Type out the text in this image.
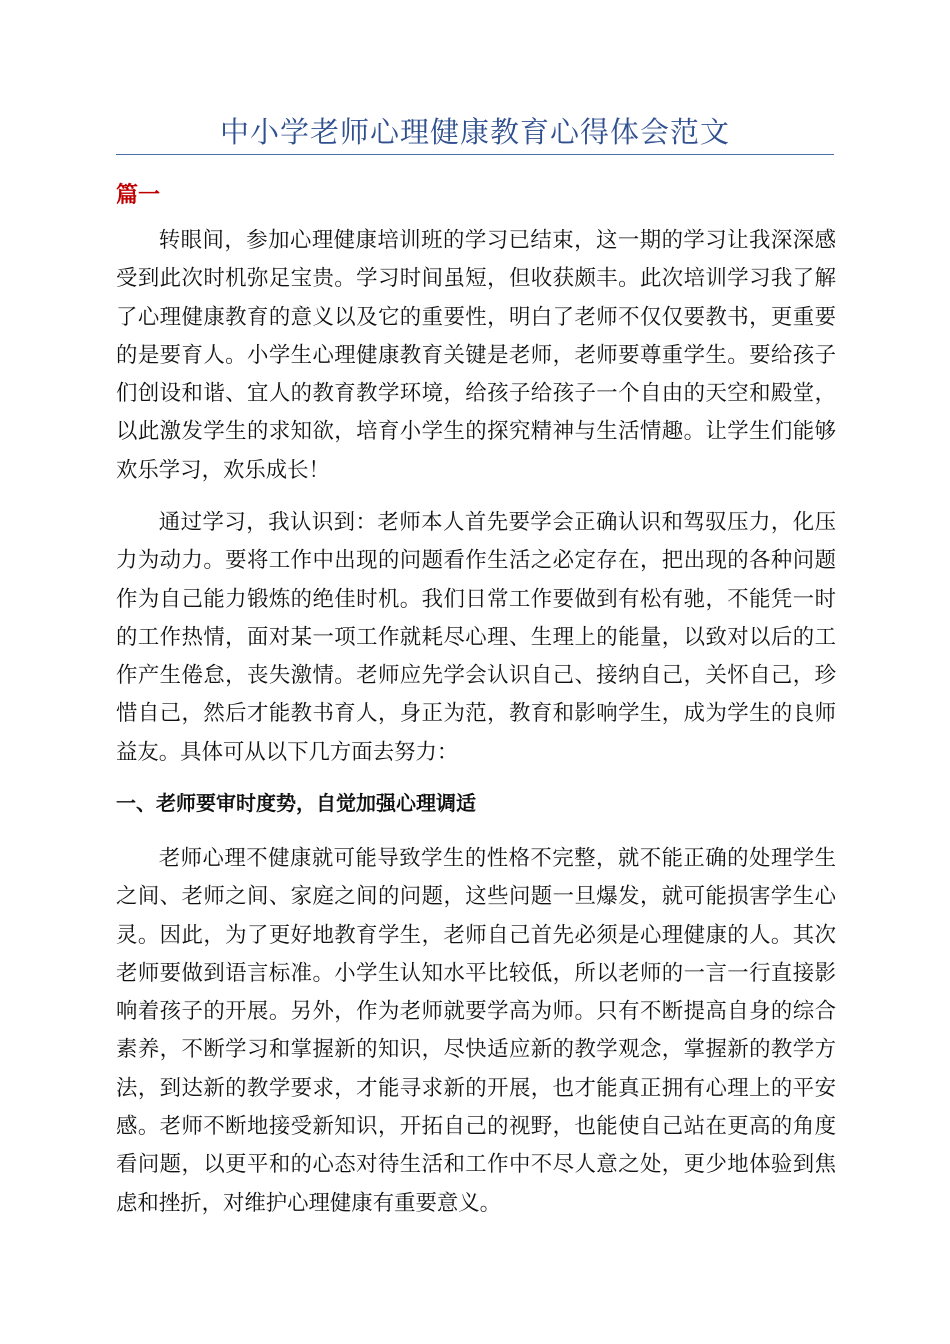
中小学老师心理健康教育心得体会范文
篇一

转眼间，参加心理健康培训班的学习已结束，这一期的学习让我深深感受到此次时机弥足宝贵。学习时间虽短，但收获颇丰。此次培训学习我了解了心理健康教育的意义以及它的重要性，明白了老师不仅仅要教书，更重要的是要育人。小学生心理健康教育关键是老师，老师要尊重学生。要给孩子们创设和谐、宜人的教育教学环境，给孩子给孩子一个自由的天空和殿堂，以此激发学生的求知欲，培育小学生的探究精神与生活情趣。让学生们能够欢乐学习，欢乐成长！

通过学习，我认识到：老师本人首先要学会正确认识和驾驭压力，化压力为动力。要将工作中出现的问题看作生活之必定存在，把出现的各种问题作为自己能力锻炼的绝佳时机。我们日常工作要做到有松有驰，不能凭一时的工作热情，面对某一项工作就耗尽心理、生理上的能量，以致对以后的工作产生倦怠，丧失激情。老师应先学会认识自己、接纳自己，关怀自己，珍惜自己，然后才能教书育人，身正为范，教育和影响学生，成为学生的良师益友。具体可从以下几方面去努力：

一、老师要审时度势，自觉加强心理调适

老师心理不健康就可能导致学生的性格不完整，就不能正确的处理学生之间、老师之间、家庭之间的问题，这些问题一旦爆发，就可能损害学生心灵。因此，为了更好地教育学生，老师自己首先必须是心理健康的人。其次老师要做到语言标准。小学生认知水平比较低，所以老师的一言一行直接影响着孩子的开展。另外，作为老师就要学高为师。只有不断提高自身的综合素养，不断学习和掌握新的知识，尽快适应新的教学观念，掌握新的教学方法，到达新的教学要求，才能寻求新的开展，也才能真正拥有心理上的平安感。老师不断地接受新知识，开拓自己的视野，也能使自己站在更高的角度看问题，以更平和的心态对待生活和工作中不尽人意之处，更少地体验到焦虑和挫折，对维护心理健康有重要意义。
